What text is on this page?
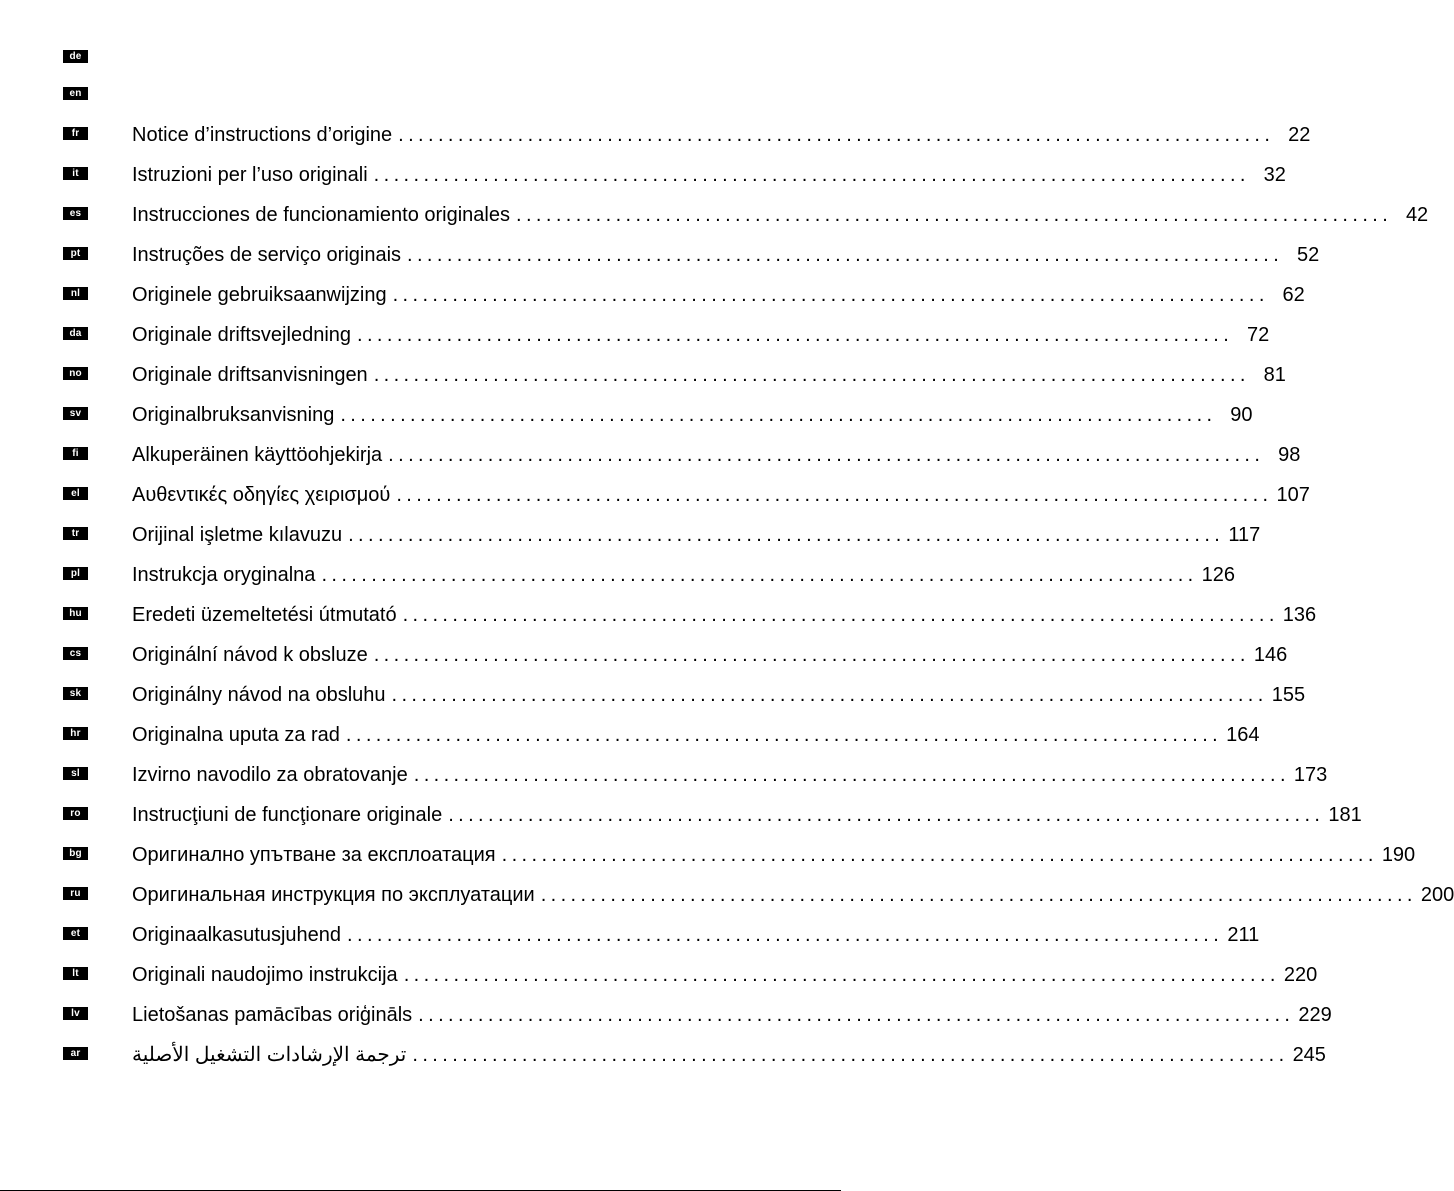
de
en
fr	Notice d’instructions d’origine ........................................................................................ 22
it	Istruzioni per l’uso originali ........................................................................................ 32
es	Instrucciones de funcionamiento originales ........................................................................................ 42
pt	Instruções de serviço originais ........................................................................................ 52
nl	Originele gebruiksaanwijzing ........................................................................................ 62
da	Originale driftsvejledning ........................................................................................ 72
no	Originale driftsanvisningen ........................................................................................ 81
sv	Originalbruksanvisning ........................................................................................ 90
fi	Alkuperäinen käyttöohjekirja ........................................................................................ 98
el	Αυθεντικές οδηγίες χειρισμού ........................................................................................ 107
tr	Orijinal işletme kılavuzu ........................................................................................ 117
pl	Instrukcja oryginalna ........................................................................................ 126
hu	Eredeti üzemeltetési útmutató ........................................................................................ 136
cs	Originální návod k obsluze ........................................................................................ 146
sk	Originálny návod na obsluhu ........................................................................................ 155
hr	Originalna uputa za rad ........................................................................................ 164
sl	Izvirno navodilo za obratovanje ........................................................................................ 173
ro	Instrucţiuni de funcţionare originale ........................................................................................ 181
bg	Оригинално упътване за експлоатация ........................................................................................ 190
ru	Оригинальная инструкция по эксплуатации ........................................................................................ 200
et	Originaalkasutusjuhend ........................................................................................ 211
lt	Originali naudojimo instrukcija ........................................................................................ 220
lv	Lietošanas pamācības oriģināls ........................................................................................ 229
ar	ترجمة الإرشادات التشغيل الأصلية ........................................................................................ 245
